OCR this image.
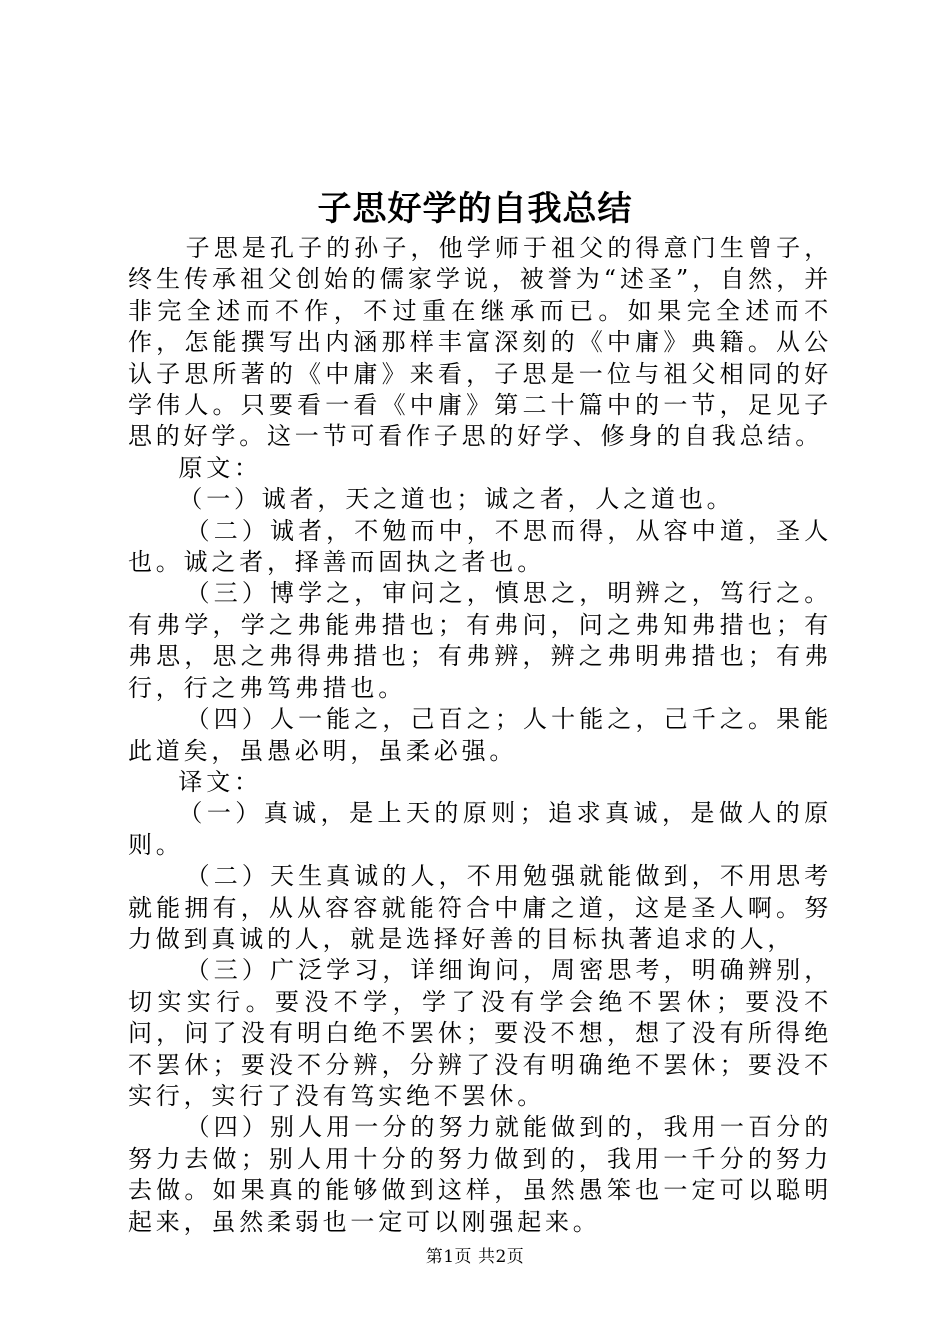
子思好学的自我总结

子思是孔子的孙子，他学师于祖父的得意门生曾子，终生传承祖父创始的儒家学说，被誉为“述圣”，自然，并非完全述而不作，不过重在继承而已。如果完全述而不作，怎能撰写出内涵那样丰富深刻的《中庸》典籍。从公认子思所著的《中庸》来看，子思是一位与祖父相同的好学伟人。只要看一看《中庸》第二十篇中的一节，足见子思的好学。这一节可看作子思的好学、修身的自我总结。

原文：

（一）诚者，天之道也；诚之者，人之道也。

（二）诚者，不勉而中，不思而得，从容中道，圣人也。诚之者，择善而固执之者也。

（三）博学之，审问之，慎思之，明辨之，笃行之。有弗学，学之弗能弗措也；有弗问，问之弗知弗措也；有弗思，思之弗得弗措也；有弗辨，辨之弗明弗措也；有弗行，行之弗笃弗措也。

（四）人一能之，己百之；人十能之，己千之。果能此道矣，虽愚必明，虽柔必强。

译文：

（一）真诚，是上天的原则；追求真诚，是做人的原则。

（二）天生真诚的人，不用勉强就能做到，不用思考就能拥有，从从容容就能符合中庸之道，这是圣人啊。努力做到真诚的人，就是选择好善的目标执著追求的人，

（三）广泛学习，详细询问，周密思考，明确辨别，切实实行。要没不学，学了没有学会绝不罢休；要没不问，问了没有明白绝不罢休；要没不想，想了没有所得绝不罢休；要没不分辨，分辨了没有明确绝不罢休；要没不实行，实行了没有笃实绝不罢休。

（四）别人用一分的努力就能做到的，我用一百分的努力去做；别人用十分的努力做到的，我用一千分的努力去做。如果真的能够做到这样，虽然愚笨也一定可以聪明起来，虽然柔弱也一定可以刚强起来。

第1页 共2页
